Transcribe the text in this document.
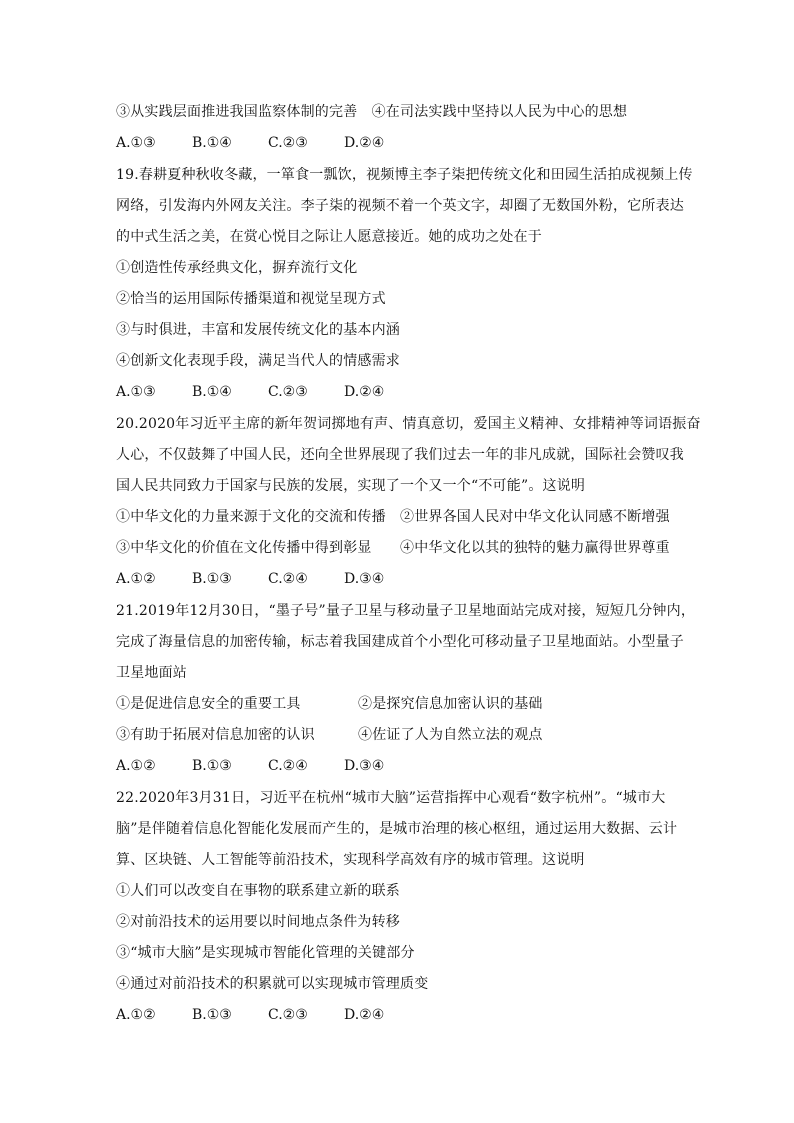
③从实践层面推进我国监察体制的完善　④在司法实践中坚持以人民为中心的思想
A.①③	B.①④	C.②③	D.②④
19.春耕夏种秋收冬藏，一箪食一瓢饮，视频博主李子柒把传统文化和田园生活拍成视频上传
网络，引发海内外网友关注。李子柒的视频不着一个英文字，却圈了无数国外粉，它所表达
的中式生活之美，在赏心悦目之际让人愿意接近。她的成功之处在于
①创造性传承经典文化，摒弃流行文化
②恰当的运用国际传播渠道和视觉呈现方式
③与时俱进，丰富和发展传统文化的基本内涵
④创新文化表现手段，满足当代人的情感需求
A.①③	B.①④	C.②③	D.②④
20.2020年习近平主席的新年贺词掷地有声、情真意切，爱国主义精神、女排精神等词语振奋
人心，不仅鼓舞了中国人民，还向全世界展现了我们过去一年的非凡成就，国际社会赞叹我
国人民共同致力于国家与民族的发展，实现了一个又一个“不可能”。这说明
①中华文化的力量来源于文化的交流和传播 ②世界各国人民对中华文化认同感不断增强
③中华文化的价值在文化传播中得到彰显 ④中华文化以其的独特的魅力赢得世界尊重
A.①②	B.①③	C.②④	D.③④
21.2019年12月30日，“墨子号”量子卫星与移动量子卫星地面站完成对接，短短几分钟内，
完成了海量信息的加密传输，标志着我国建成首个小型化可移动量子卫星地面站。小型量子
卫星地面站
①是促进信息安全的重要工具	②是探究信息加密认识的基础
③有助于拓展对信息加密的认识	④佐证了人为自然立法的观点
A.①②	B.①③	C.②④	D.③④
22.2020年3月31日，习近平在杭州“城市大脑”运营指挥中心观看“数字杭州”。“城市大
脑”是伴随着信息化智能化发展而产生的，是城市治理的核心枢纽，通过运用大数据、云计
算、区块链、人工智能等前沿技术，实现科学高效有序的城市管理。这说明
①人们可以改变自在事物的联系建立新的联系
②对前沿技术的运用要以时间地点条件为转移
③“城市大脑”是实现城市智能化管理的关键部分
④通过对前沿技术的积累就可以实现城市管理质变
A.①②	B.①③	C.②③	D.②④
